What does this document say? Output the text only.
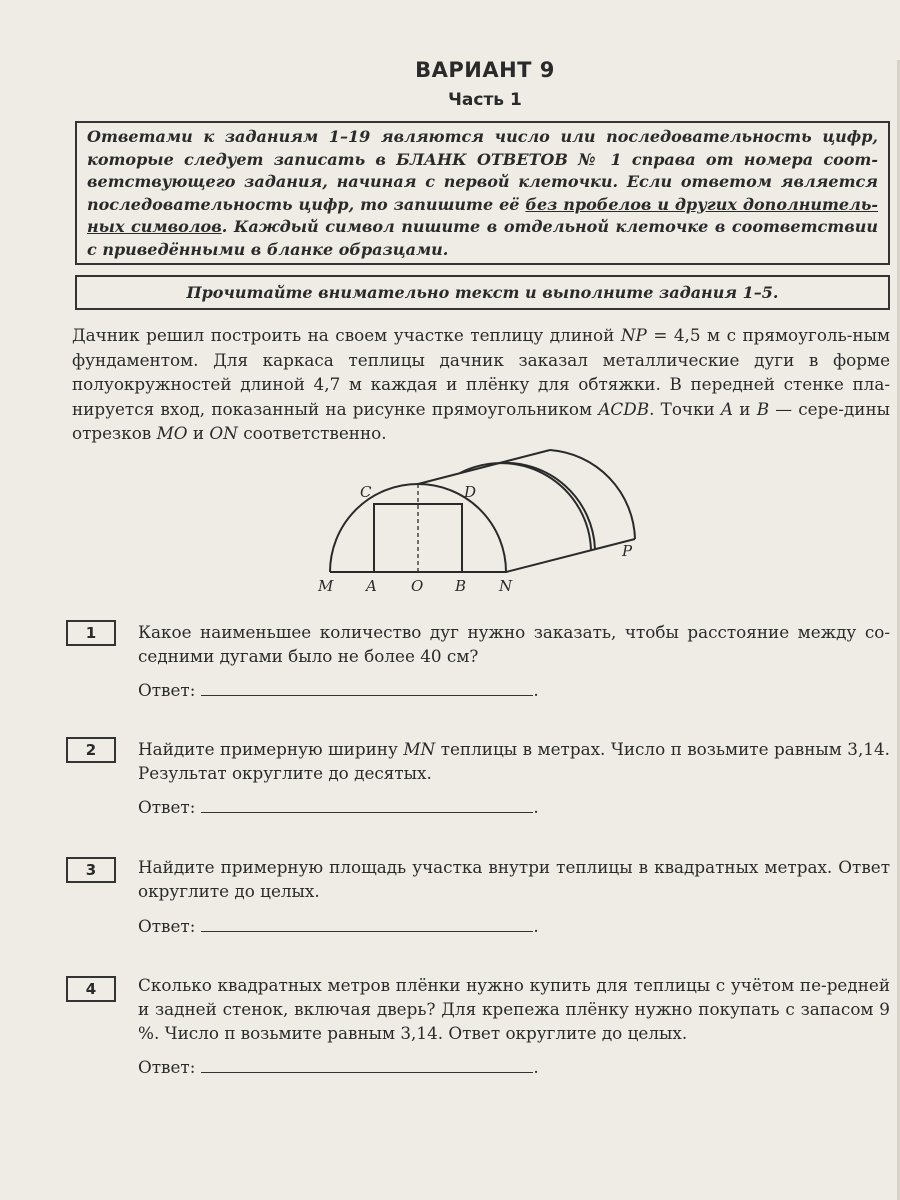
ВАРИАНТ 9
Часть 1
Ответами к заданиям 1–19 являются число или последовательность цифр, которые следует записать в БЛАНК ОТВЕТОВ № 1 справа от номера соот- ветствующего задания, начиная с первой клеточки. Если ответом является последовательность цифр, то запишите её без пробелов и других дополнитель- ных символов. Каждый символ пишите в отдельной клеточке в соответствии с приведёнными в бланке образцами.
Прочитайте внимательно текст и выполните задания 1–5.
Дачник решил построить на своем участке теплицу длиной NP = 4,5 м с прямоуголь-ным фундаментом. Для каркаса теплицы дачник заказал металлические дуги в форме полуокружностей длиной 4,7 м каждая и плёнку для обтяжки. В передней стенке пла-нируется вход, показанный на рисунке прямоугольником ACDB. Точки A и B — сере-дины отрезков MO и ON соответственно.
C	D
M A O B N
P
1	Какое наименьшее количество дуг нужно заказать, чтобы расстояние между со-седними дугами было не более 40 см?
Ответ:	.
2	Найдите примерную ширину MN теплицы в метрах. Число π возьмите равным 3,14. Результат округлите до десятых.
Ответ:	.
3	Найдите примерную площадь участка внутри теплицы в квадратных метрах. Ответ округлите до целых.
Ответ:	.
4	Сколько квадратных метров плёнки нужно купить для теплицы с учётом пе-редней и задней стенок, включая дверь? Для крепежа плёнку нужно покупать с запасом 9 %. Число π возьмите равным 3,14. Ответ округлите до целых.
Ответ:	.
